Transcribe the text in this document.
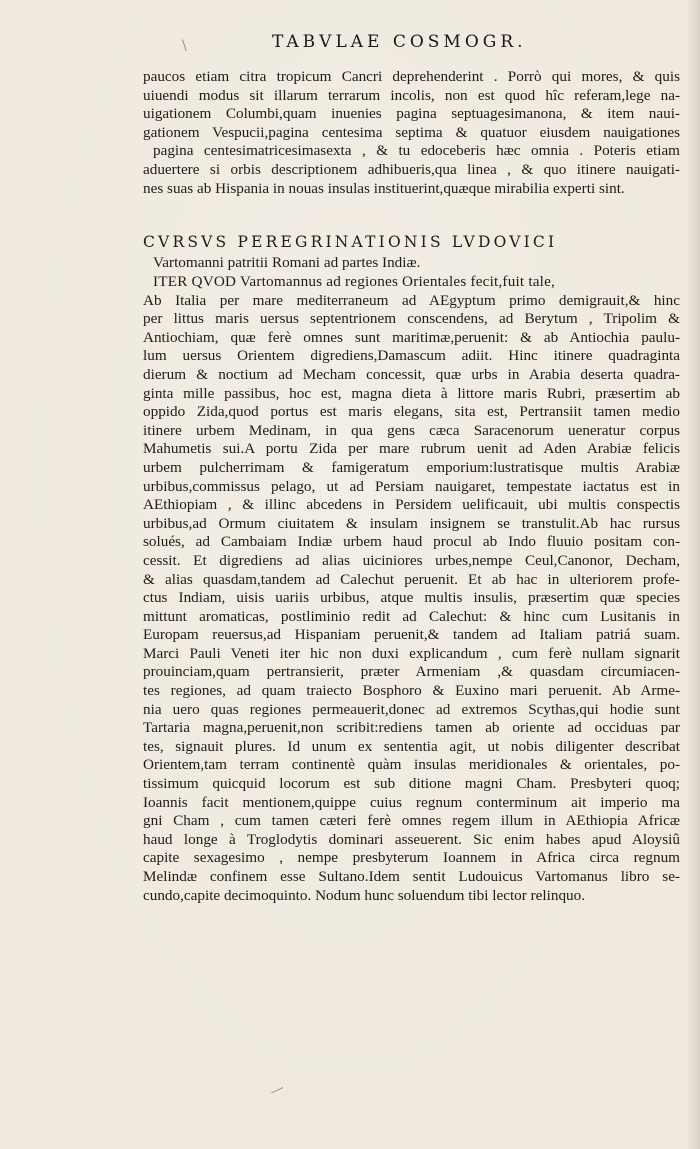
\
—
TABVLAE COSMOGR.
paucos etiam citra tropicum Cancri deprehenderint . Porrò qui mores, & quis
uiuendi modus sit illarum terrarum incolis, non est quod hîc referam,lege na-
uigationem Columbi,quam inuenies pagina septuagesimanona, & item naui-
gationem Vespucii,pagina centesima septima & quatuor eiusdem nauigationes
pagina centesimatricesimasexta , & tu edoceberis hæc omnia . Poteris etiam
aduertere si orbis descriptionem adhibueris,qua linea , & quo itinere nauigati-
nes suas ab Hispania in nouas insulas instituerint,quæque mirabilia experti sint.
CVRSVS PEREGRINATIONIS LVDOVICI
Vartomanni patritii Romani ad partes Indiæ.
ITER QVOD Vartomannus ad regiones Orientales fecit,fuit tale,
Ab Italia per mare mediterraneum ad AEgyptum primo demigrauit,& hinc
per littus maris uersus septentrionem conscendens, ad Berytum , Tripolim &
Antiochiam, quæ ferè omnes sunt maritimæ,peruenit: & ab Antiochia paulu-
lum uersus Orientem digrediens,Damascum adiit. Hinc itinere quadraginta
dierum & noctium ad Mecham concessit, quæ urbs in Arabia deserta quadra-
ginta mille passibus, hoc est, magna dieta à littore maris Rubri, præsertim ab
oppido Zida,quod portus est maris elegans, sita est, Pertransiit tamen medio
itinere urbem Medinam, in qua gens cæca Saracenorum ueneratur corpus
Mahumetis sui.A portu Zida per mare rubrum uenit ad Aden Arabiæ felicis
urbem pulcherrimam & famigeratum emporium:lustratisque multis Arabiæ
urbibus,commissus pelago, ut ad Persiam nauigaret, tempestate iactatus est in
AEthiopiam , & illinc abcedens in Persidem uelificauit, ubi multis conspectis
urbibus,ad Ormum ciuitatem & insulam insignem se transtulit.Ab hac rursus
solués, ad Cambaiam Indiæ urbem haud procul ab Indo fluuio positam con-
cessit. Et digrediens ad alias uiciniores urbes,nempe Ceul,Canonor, Decham,
& alias quasdam,tandem ad Calechut peruenit. Et ab hac in ulteriorem profe-
ctus Indiam, uisis uariis urbibus, atque multis insulis, præsertim quæ species
mittunt aromaticas, postliminio redit ad Calechut: & hinc cum Lusitanis in
Europam reuersus,ad Hispaniam peruenit,& tandem ad Italiam patriá suam.
Marci Pauli Veneti iter hic non duxi explicandum , cum ferè nullam signarit
prouinciam,quam pertransierit, præter Armeniam ,& quasdam circumiacen-
tes regiones, ad quam traiecto Bosphoro & Euxino mari peruenit. Ab Arme-
nia uero quas regiones permeauerit,donec ad extremos Scythas,qui hodie sunt
Tartaria magna,peruenit,non scribit:rediens tamen ab oriente ad occiduas par
tes, signauit plures. Id unum ex sententia agit, ut nobis diligenter describat
Orientem,tam terram continentè quàm insulas meridionales & orientales, po-
tissimum quicquid locorum est sub ditione magni Cham. Presbyteri quoq;
Ioannis facit mentionem,quippe cuius regnum conterminum ait imperio ma
gni Cham , cum tamen cæteri ferè omnes regem illum in AEthiopia Africæ
haud longe à Troglodytis dominari asseuerent. Sic enim habes apud Aloysiû
capite sexagesimo , nempe presbyterum Ioannem in Africa circa regnum
Melindæ confinem esse Sultano.Idem sentit Ludouicus Vartomanus libro se-
cundo,capite decimoquinto. Nodum hunc soluendum tibi lector relinquo.
